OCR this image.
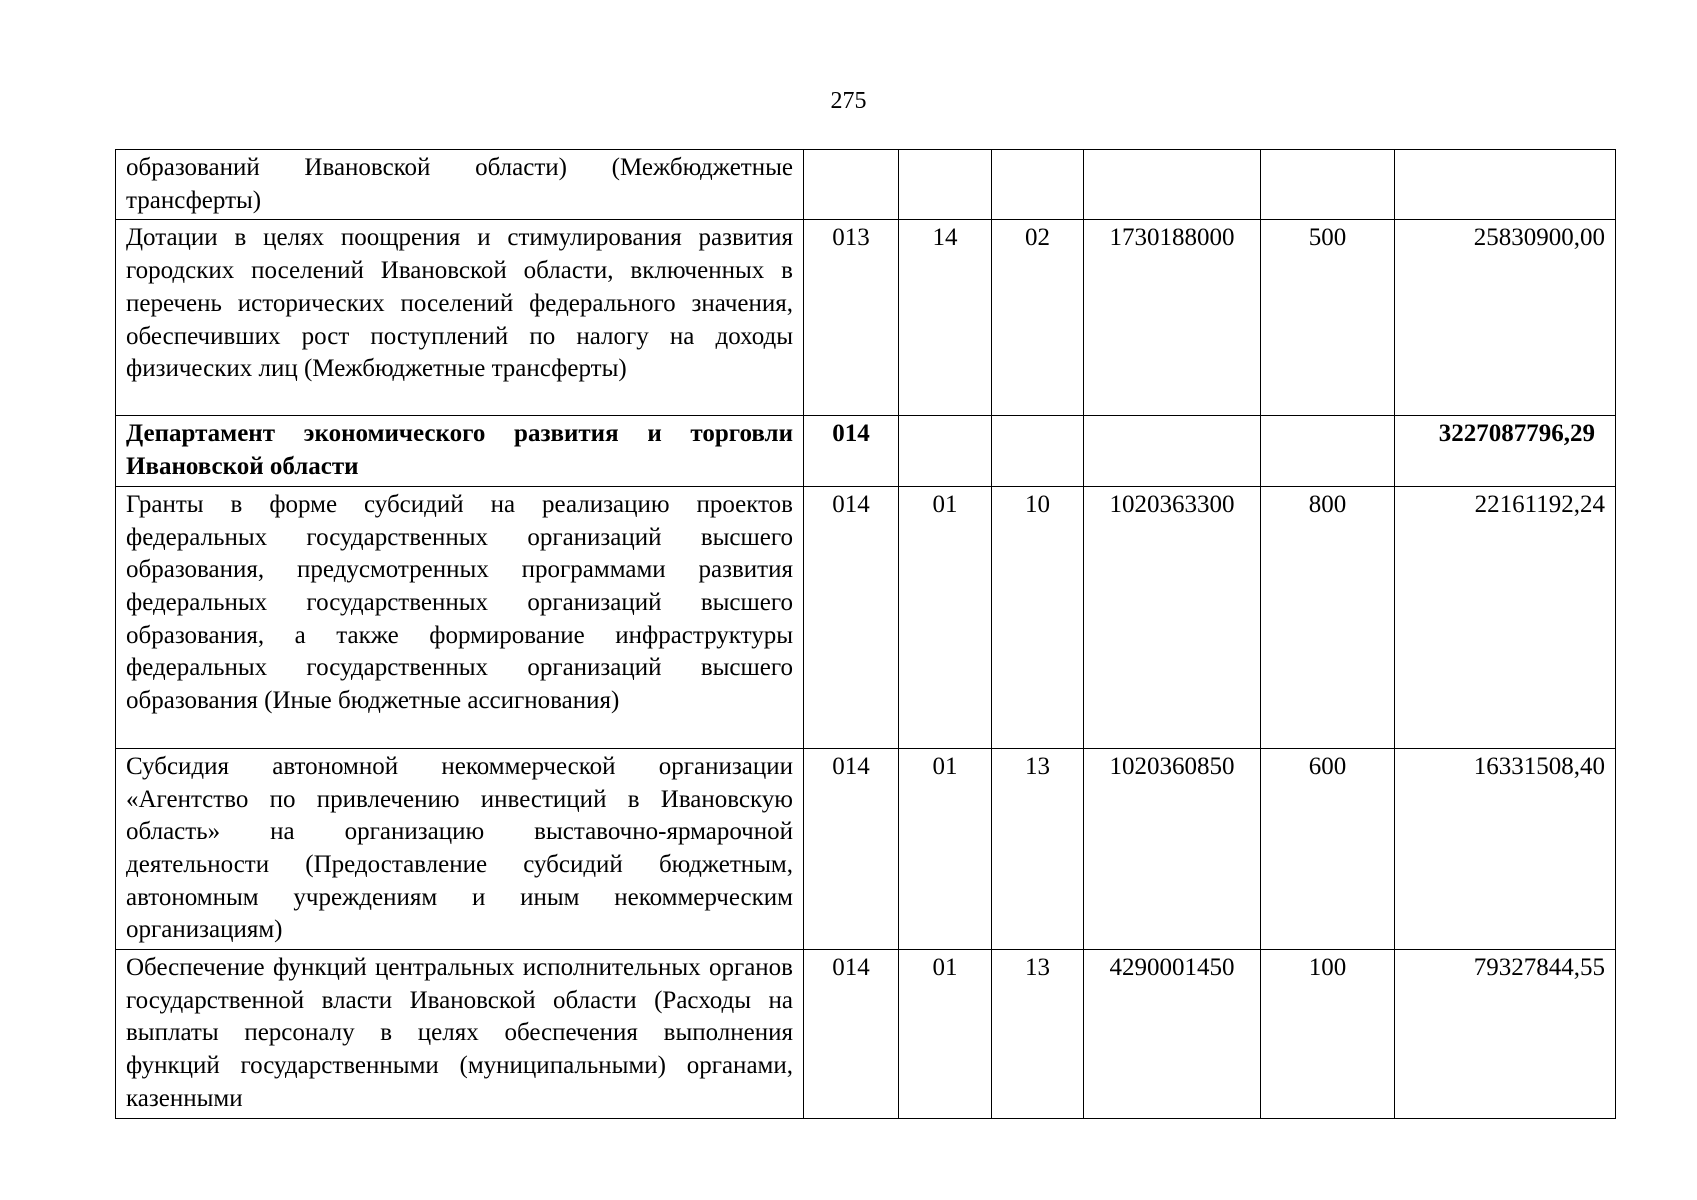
275
образований Ивановской области) (Межбюджетные трансферты)						
Дотации в целях поощрения и стимулирования развития городских поселений Ивановской области, включенных в перечень исторических поселений федерального значения, обеспечивших рост поступлений по налогу на доходы физических лиц (Межбюджетные трансферты)	013	14	02	1730188000	500	25830900,00
Департамент экономического развития и торговли Ивановской области	014					3227087796,29
Гранты в форме субсидий на реализацию проектов федеральных государственных организаций высшего образования, предусмотренных программами развития федеральных государственных организаций высшего образования, а также формирование инфраструктуры федеральных государственных организаций высшего образования (Иные бюджетные ассигнования)	014	01	10	1020363300	800	22161192,24
Субсидия автономной некоммерческой организации «Агентство по привлечению инвестиций в Ивановскую область» на организацию выставочно-ярмарочной деятельности (Предоставление субсидий бюджетным, автономным учреждениям и иным некоммерческим организациям)	014	01	13	1020360850	600	16331508,40
Обеспечение функций центральных исполнительных органов государственной власти Ивановской области (Расходы на выплаты персоналу в целях обеспечения выполнения функций государственными (муниципальными) органами, казенными	014	01	13	4290001450	100	79327844,55
